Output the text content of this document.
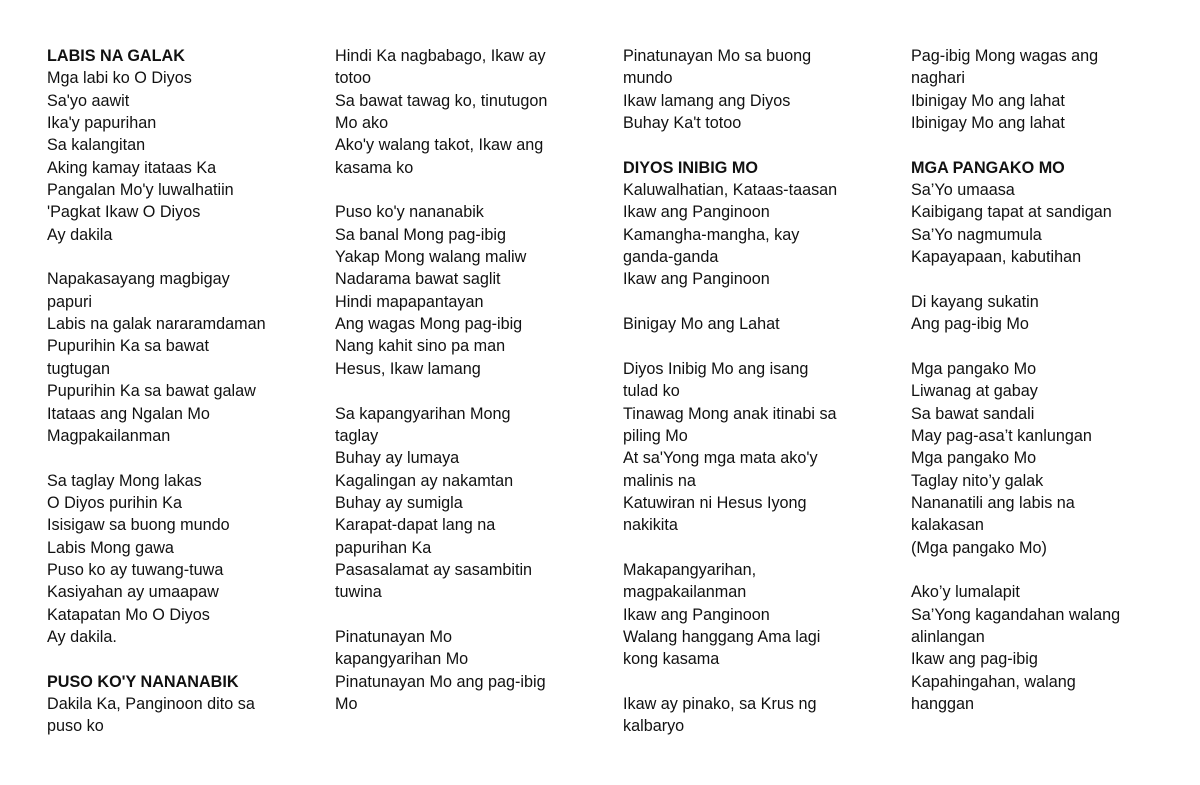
LABIS NA GALAK
Mga labi ko O Diyos
Sa'yo aawit
Ika'y papurihan
Sa kalangitan
Aking kamay itataas Ka
Pangalan Mo'y luwalhatiin
'Pagkat Ikaw O Diyos
Ay dakila
Napakasayang magbigay
papuri
Labis na galak nararamdaman
Pupurihin Ka sa bawat
tugtugan
Pupurihin Ka sa bawat galaw
Itataas ang Ngalan Mo
Magpakailanman
Sa taglay Mong lakas
O Diyos purihin Ka
Isisigaw sa buong mundo
Labis Mong gawa
Puso ko ay tuwang-tuwa
Kasiyahan ay umaapaw
Katapatan Mo O Diyos
Ay dakila.
PUSO KO'Y NANANABIK
Dakila Ka, Panginoon dito sa
puso ko
Hindi Ka nagbabago, Ikaw ay
totoo
Sa bawat tawag ko, tinutugon
Mo ako
Ako'y walang takot, Ikaw ang
kasama ko
Puso ko'y nananabik
Sa banal Mong pag-ibig
Yakap Mong walang maliw
Nadarama bawat saglit
Hindi mapapantayan
Ang wagas Mong pag-ibig
Nang kahit sino pa man
Hesus, Ikaw lamang
Sa kapangyarihan Mong
taglay
Buhay ay lumaya
Kagalingan ay nakamtan
Buhay ay sumigla
Karapat-dapat lang na
papurihan Ka
Pasasalamat ay sasambitin
tuwina
Pinatunayan Mo
kapangyarihan Mo
Pinatunayan Mo ang pag-ibig
Mo
Pinatunayan Mo sa buong
mundo
Ikaw lamang ang Diyos
Buhay Ka't totoo
DIYOS INIBIG MO
Kaluwalhatian, Kataas-taasan
Ikaw ang Panginoon
Kamangha-mangha, kay
ganda-ganda
Ikaw ang Panginoon
Binigay Mo ang Lahat
Diyos Inibig Mo ang isang
tulad ko
Tinawag Mong anak itinabi sa
piling Mo
At sa'Yong mga mata ako'y
malinis na
Katuwiran ni Hesus Iyong
nakikita
Makapangyarihan,
magpakailanman
Ikaw ang Panginoon
Walang hanggang Ama lagi
kong kasama
Ikaw ay pinako, sa Krus ng
kalbaryo
Pag-ibig Mong wagas ang
naghari
Ibinigay Mo ang lahat
Ibinigay Mo ang lahat
MGA PANGAKO MO
Sa’Yo umaasa
Kaibigang tapat at sandigan
Sa’Yo nagmumula
Kapayapaan, kabutihan
Di kayang sukatin
Ang pag-ibig Mo
Mga pangako Mo
Liwanag at gabay
Sa bawat sandali
May pag-asa’t kanlungan
Mga pangako Mo
Taglay nito’y galak
Nananatili ang labis na
kalakasan
(Mga pangako Mo)
Ako’y lumalapit
Sa’Yong kagandahan walang
alinlangan
Ikaw ang pag-ibig
Kapahingahan, walang
hanggan
